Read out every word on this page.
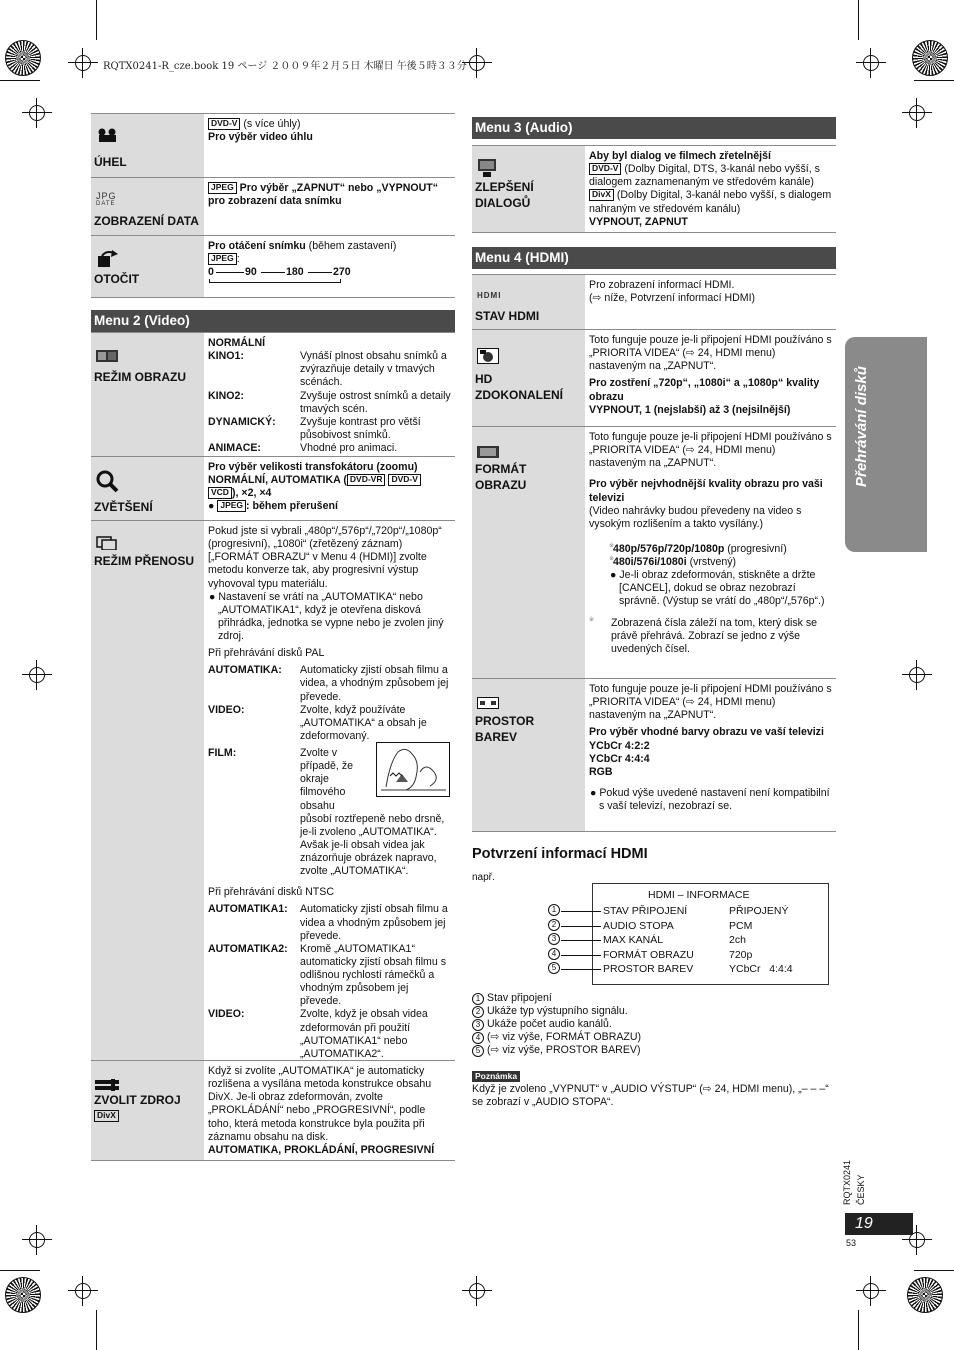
RQTX0241-R_cze.book 19 ページ ２００９年２月５日 木曜日 午後５時３３分
Přehrávání disků
ÚHEL
DVD-V (s více úhly)
Pro výběr video úhlu
JPG
DATE
ZOBRAZENÍ DATA
JPEG Pro výběr „ZAPNUT“ nebo „VYPNOUT“
pro zobrazení data snímku
OTOČIT
Pro otáčení snímku (během zastavení)
JPEG :
0	90	180	270
Menu 2 (Video)
REŽIM OBRAZU
NORMÁLNÍ
KINO1:	Vynáší plnost obsahu snímků a zvýrazňuje detaily v tmavých scénách.
KINO2:	Zvyšuje ostrost snímků a detaily tmavých scén.
DYNAMICKÝ:	Zvyšuje kontrast pro větší působivost snímků.
ANIMACE:	Vhodné pro animaci.
ZVĚTŠENÍ
Pro výběr velikosti transfokátoru (zoomu)
NORMÁLNÍ, AUTOMATIKA ( DVD-VR DVD-V
VCD ), ×2, ×4
● JPEG : během přerušení
REŽIM PŘENOSU
Pokud jste si vybrali „480p“/„576p“/„720p“/„1080p“ (progresivní), „1080i“ (zřetězený záznam) [„FORMÁT OBRAZU“ v Menu 4 (HDMI)] zvolte metodu konverze tak, aby progresivní výstup vyhovoval typu materiálu.
● Nastavení se vrátí na „AUTOMATIKA“ nebo „AUTOMATIKA1“, když je otevřena disková přihrádka, jednotka se vypne nebo je zvolen jiný zdroj.
Při přehrávání disků PAL
AUTOMATIKA:	Automaticky zjistí obsah filmu a videa, a vhodným způsobem jej převede.
VIDEO:	Zvolte, když používáte „AUTOMATIKA“ a obsah je zdeformovaný.
FILM:	Zvolte v případě, že okraje filmového obsahu
působí roztřepeně nebo drsně, je-li zvoleno „AUTOMATIKA“. Avšak je-li obsah videa jak znázorňuje obrázek napravo, zvolte „AUTOMATIKA“.
Při přehrávání disků NTSC
AUTOMATIKA1:	Automaticky zjistí obsah filmu a videa a vhodným způsobem jej převede.
AUTOMATIKA2:	Kromě „AUTOMATIKA1“ automaticky zjistí obsah filmu s odlišnou rychlostí rámečků a vhodným způsobem jej převede.
VIDEO:	Zvolte, když je obsah videa zdeformován při použití „AUTOMATIKA1“ nebo „AUTOMATIKA2“.
ZVOLIT ZDROJ
DivX
Když si zvolíte „AUTOMATIKA“ je automaticky rozlišena a vysílána metoda konstrukce obsahu DivX. Je-li obraz zdeformován, zvolte „PROKLÁDÁNÍ“ nebo „PROGRESIVNÍ“, podle toho, která metoda konstrukce byla použita při záznamu obsahu na disk.
AUTOMATIKA, PROKLÁDÁNÍ, PROGRESIVNÍ
Menu 3 (Audio)
ZLEPŠENÍ
DIALOGŮ
Aby byl dialog ve filmech zřetelnější
DVD-V (Dolby Digital, DTS, 3-kanál nebo vyšší, s dialogem zaznamenaným ve středovém kanále)
DivX (Dolby Digital, 3-kanál nebo vyšší, s dialogem nahraným ve středovém kanálu)
VYPNOUT, ZAPNUT
Menu 4 (HDMI)
HDMI
STAV HDMI
Pro zobrazení informací HDMI.
(⇨ níže, Potvrzení informací HDMI)
HD
ZDOKONALENÍ
Toto funguje pouze je-li připojení HDMI používáno s „PRIORITA VIDEA“ (⇨ 24, HDMI menu) nastaveným na „ZAPNUT“.
Pro zostření „720p“, „1080i“ a „1080p“ kvality obrazu
VYPNOUT, 1 (nejslabší) až 3 (nejsilnější)
FORMÁT
OBRAZU
Toto funguje pouze je-li připojení HDMI používáno s „PRIORITA VIDEA“ (⇨ 24, HDMI menu) nastaveným na „ZAPNUT“.
Pro výběr nejvhodnější kvality obrazu pro vaši televizi
(Video nahrávky budou převedeny na video s vysokým rozlišením a takto vysílány.)
※
480p/576p/720p/1080p (progresivní)
※
480i/576i/1080i (vrstvený)
● Je-li obraz zdeformován, stiskněte a držte [CANCEL], dokud se obraz nezobrazí správně. (Výstup se vrátí do „480p“/„576p“.)
※ Zobrazená čísla záleží na tom, který disk se právě přehrává. Zobrazí se jedno z výše uvedených čísel.
PROSTOR
BAREV
Toto funguje pouze je-li připojení HDMI používáno s „PRIORITA VIDEA“ (⇨ 24, HDMI menu) nastaveným na „ZAPNUT“.
Pro výběr vhodné barvy obrazu ve vaší televizi
YCbCr 4:2:2
YCbCr 4:4:4
RGB
● Pokud výše uvedené nastavení není kompatibilní s vaší televizí, nezobrazí se.
Potvrzení informací HDMI
např.
HDMI – INFORMACE
1	STAV PŘIPOJENÍ	PŘIPOJENÝ
2	AUDIO STOPA	PCM
3	MAX KANÁL	2ch
4	FORMÁT OBRAZU	720p
5	PROSTOR BAREV	YCbCr   4:4:4
1 Stav připojení
2 Ukáže typ výstupního signálu.
3 Ukáže počet audio kanálů.
4 (⇨ viz výše, FORMÁT OBRAZU)
5 (⇨ viz výše, PROSTOR BAREV)
Poznámka
Když je zvoleno „VYPNUT“ v „AUDIO VÝSTUP“ (⇨ 24, HDMI menu), „– – –“ se zobrazí v „AUDIO STOPA“.
RQTX0241 ČESKY
19
53
